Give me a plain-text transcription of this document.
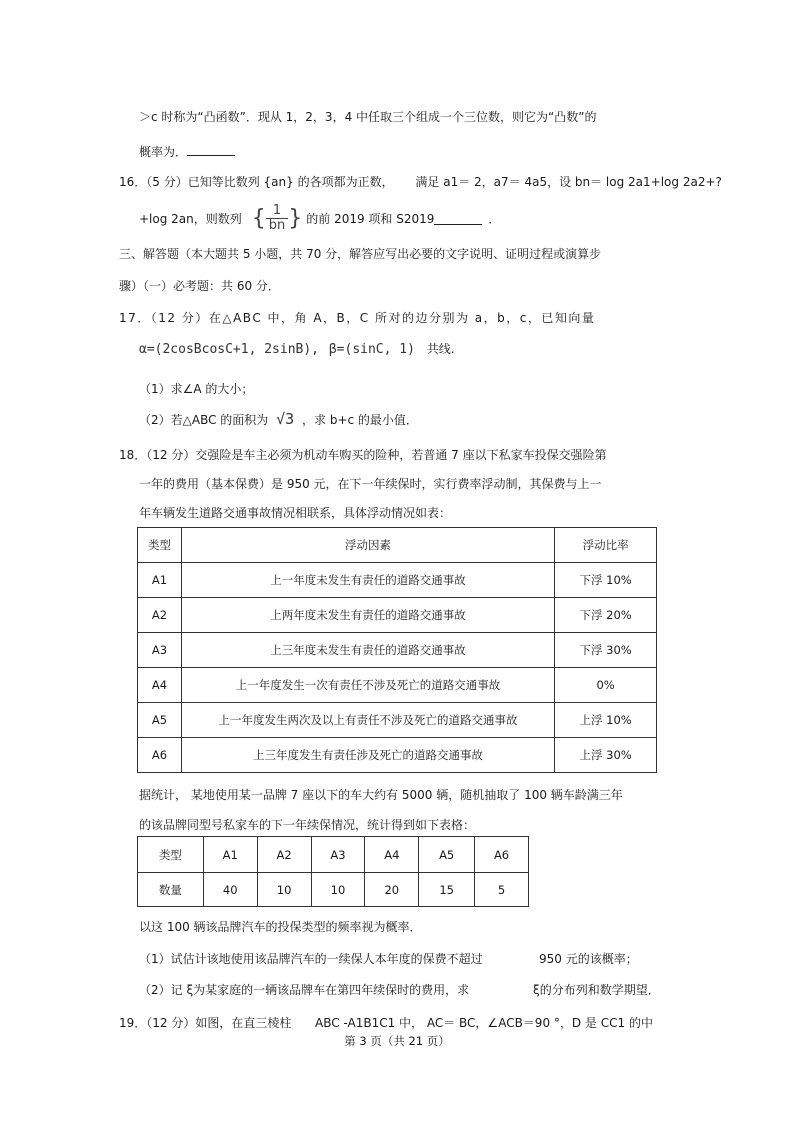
＞c 时称为“凸函数”．现从 1，2，3，4 中任取三个组成一个三位数，则它为“凸数”的
概率为．
16．（5 分）已知等比数列 {an} 的各项都为正数， 满足 a1＝ 2，a7＝ 4a5，设 bn＝ log 2a1+log 2a2+?
+log 2an，则数列 { $\frac{1}{bn}$ } 的前 2019 项和 S2019	．
三、解答题（本大题共 5 小题，共 70 分，解答应写出必要的文字说明、证明过程或演算步
骤）（一）必考题：共 60 分．
17．（12 分）在△ABC 中，角 A，B，C 所对的边分别为 a，b，c，已知向量
α=(2cosBcosC+1, 2sinB), β=(sinC, 1) 共线.
（1）求∠A 的大小；
（2）若△ABC 的面积为 √3 ，求 b+c 的最小值．
18．（12 分）交强险是车主必须为机动车购买的险种，若普通 7 座以下私家车投保交强险第
一年的费用（基本保费）是 950 元，在下一年续保时，实行费率浮动制，其保费与上一
年车辆发生道路交通事故情况相联系，具体浮动情况如表：
类型	浮动因素	浮动比率
A1	上一年度未发生有责任的道路交通事故	下浮 10%
A2	上两年度未发生有责任的道路交通事故	下浮 20%
A3	上三年度未发生有责任的道路交通事故	下浮 30%
A4	上一年度发生一次有责任不涉及死亡的道路交通事故	0%
A5	上一年度发生两次及以上有责任不涉及死亡的道路交通事故	上浮 10%
A6	上三年度发生有责任涉及死亡的道路交通事故	上浮 30%
据统计， 某地使用某一品牌 7 座以下的车大约有 5000 辆，随机抽取了 100 辆车龄满三年
的该品牌同型号私家车的下一年续保情况，统计得到如下表格：
类型	A1	A2	A3	A4	A5	A6
数量	40	10	10	20	15	5
以这 100 辆该品牌汽车的投保类型的频率视为概率．
（1）试估计该地使用该品牌汽车的一续保人本年度的保费不超过	950 元的该概率；
（2）记 ξ为某家庭的一辆该品牌车在第四年续保时的费用，求	ξ的分布列和数学期望．
19．（12 分）如图，在直三棱柱 ABC -A1B1C1 中， AC＝ BC，∠ACB＝90 °，D 是 CC1 的中
第 3 页（共 21 页）
